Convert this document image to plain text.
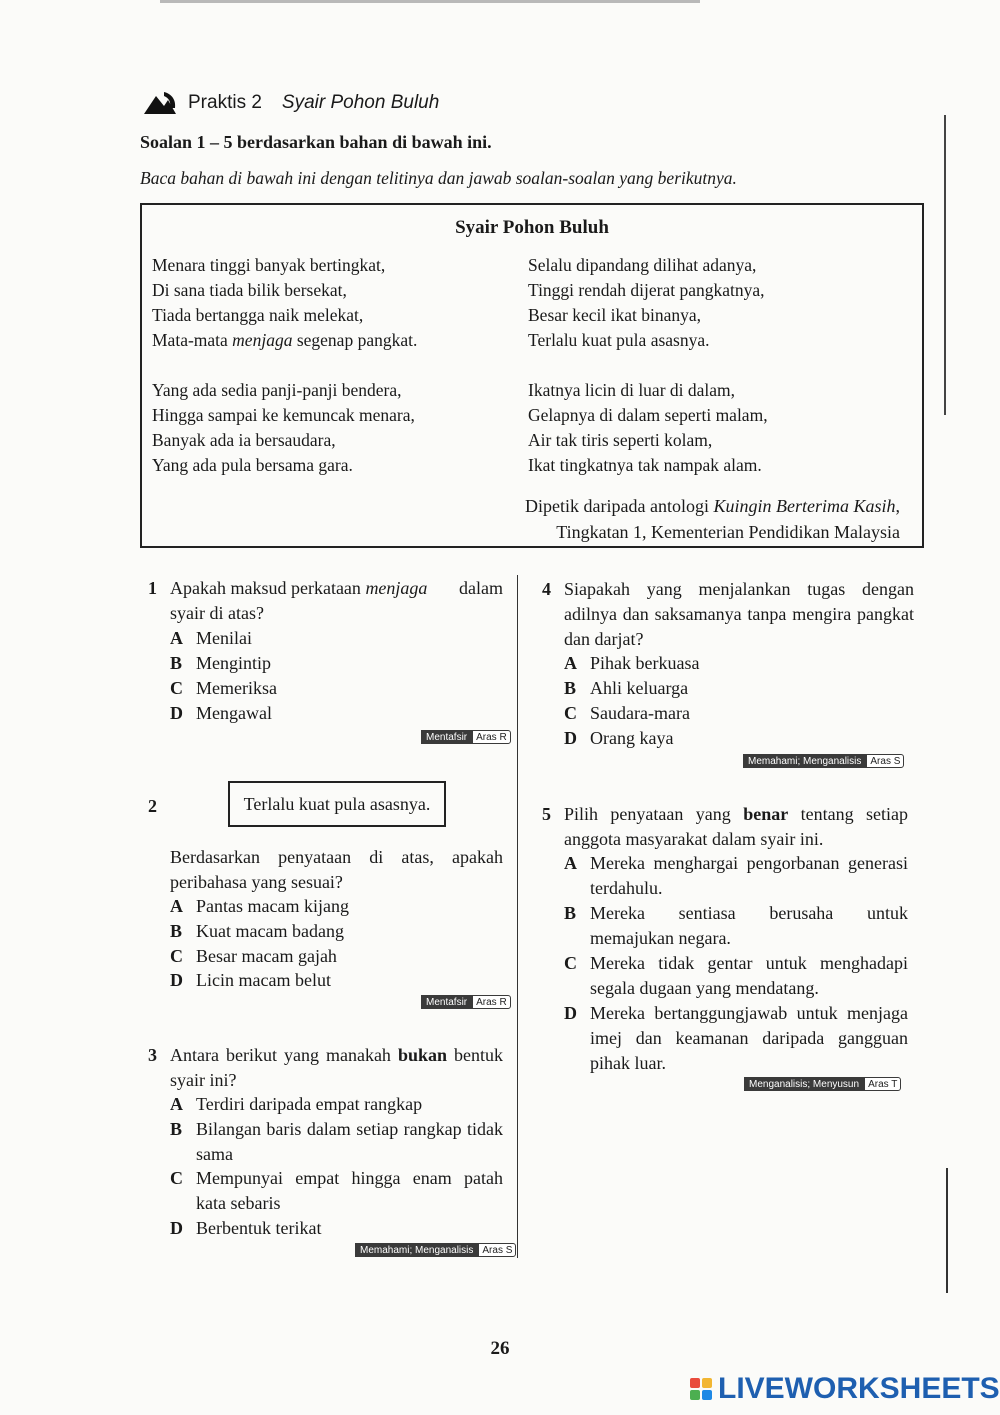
Praktis 2 Syair Pohon Buluh
Soalan 1 – 5 berdasarkan bahan di bawah ini.
Baca bahan di bawah ini dengan telitinya dan jawab soalan-soalan yang berikutnya.
Syair Pohon Buluh
Menara tinggi banyak bertingkat,
Di sana tiada bilik bersekat,
Tiada bertangga naik melekat,
Mata-mata menjaga segenap pangkat.
Yang ada sedia panji-panji bendera,
Hingga sampai ke kemuncak menara,
Banyak ada ia bersaudara,
Yang ada pula bersama gara.
Selalu dipandang dilihat adanya,
Tinggi rendah dijerat pangkatnya,
Besar kecil ikat binanya,
Terlalu kuat pula asasnya.
Ikatnya licin di luar di dalam,
Gelapnya di dalam seperti malam,
Air tak tiris seperti kolam,
Ikat tingkatnya tak nampak alam.
Dipetik daripada antologi Kuingin Berterima Kasih,
Tingkatan 1, Kementerian Pendidikan Malaysia
1 Apakah maksud perkataan menjaga dalam
syair di atas?
A Menilai
B Mengintip
C Memeriksa
D Mengawal
Mentafsir Aras R
2	Terlalu kuat pula asasnya.
Berdasarkan penyataan di atas, apakah peribahasa yang sesuai?
A Pantas macam kijang
B Kuat macam badang
C Besar macam gajah
D Licin macam belut
Mentafsir Aras R
3 Antara berikut yang manakah bukan bentuk syair ini?
A Terdiri daripada empat rangkap
B Bilangan baris dalam setiap rangkap tidak sama
C Mempunyai empat hingga enam patah kata sebaris
D Berbentuk terikat
Memahami; Menganalisis Aras S
4 Siapakah yang menjalankan tugas dengan adilnya dan saksamanya tanpa mengira pangkat dan darjat?
A Pihak berkuasa
B Ahli keluarga
C Saudara-mara
D Orang kaya
Memahami; Menganalisis Aras S
5 Pilih penyataan yang benar tentang setiap anggota masyarakat dalam syair ini.
A Mereka menghargai pengorbanan generasi terdahulu.
B Mereka sentiasa berusaha untuk memajukan negara.
C Mereka tidak gentar untuk menghadapi segala dugaan yang mendatang.
D Mereka bertanggungjawab untuk menjaga imej dan keamanan daripada gangguan pihak luar.
Menganalisis; Menyusun Aras T
26
LIVEWORKSHEETS
